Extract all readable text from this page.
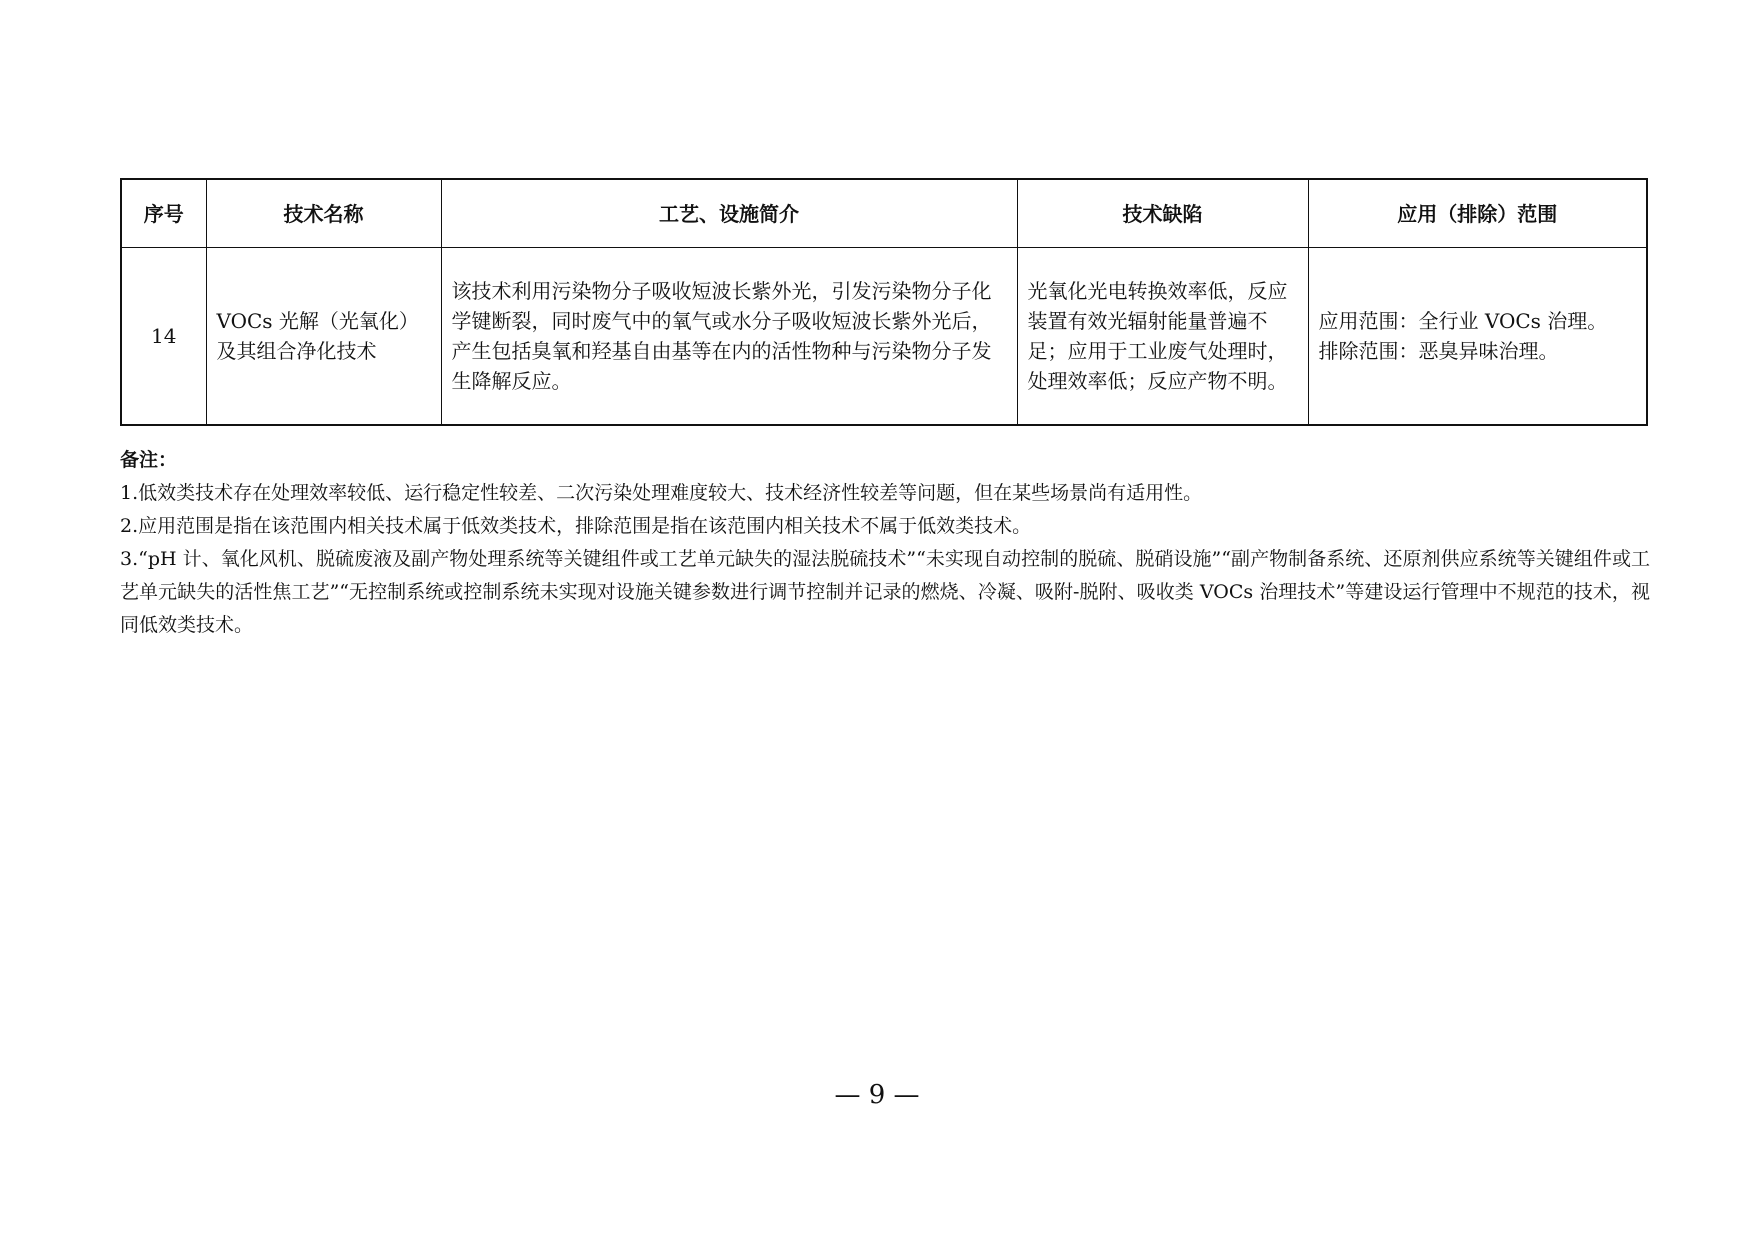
序号	技术名称	工艺、设施简介	技术缺陷	应用（排除）范围
14	VOCs 光解（光氧化）及其组合净化技术	该技术利用污染物分子吸收短波长紫外光，引发污染物分子化学键断裂，同时废气中的氧气或水分子吸收短波长紫外光后，产生包括臭氧和羟基自由基等在内的活性物种与污染物分子发生降解反应。	光氧化光电转换效率低，反应装置有效光辐射能量普遍不足；应用于工业废气处理时，处理效率低；反应产物不明。	应用范围：全行业 VOCs 治理。
排除范围：恶臭异味治理。

备注：

1.低效类技术存在处理效率较低、运行稳定性较差、二次污染处理难度较大、技术经济性较差等问题，但在某些场景尚有适用性。

2.应用范围是指在该范围内相关技术属于低效类技术，排除范围是指在该范围内相关技术不属于低效类技术。

3.“pH 计、氧化风机、脱硫废液及副产物处理系统等关键组件或工艺单元缺失的湿法脱硫技术”“未实现自动控制的脱硫、脱硝设施”“副产物制备系统、还原剂供应系统等关键组件或工艺单元缺失的活性焦工艺”“无控制系统或控制系统未实现对设施关键参数进行调节控制并记录的燃烧、冷凝、吸附-脱附、吸收类 VOCs 治理技术”等建设运行管理中不规范的技术，视同低效类技术。

— 9 —
